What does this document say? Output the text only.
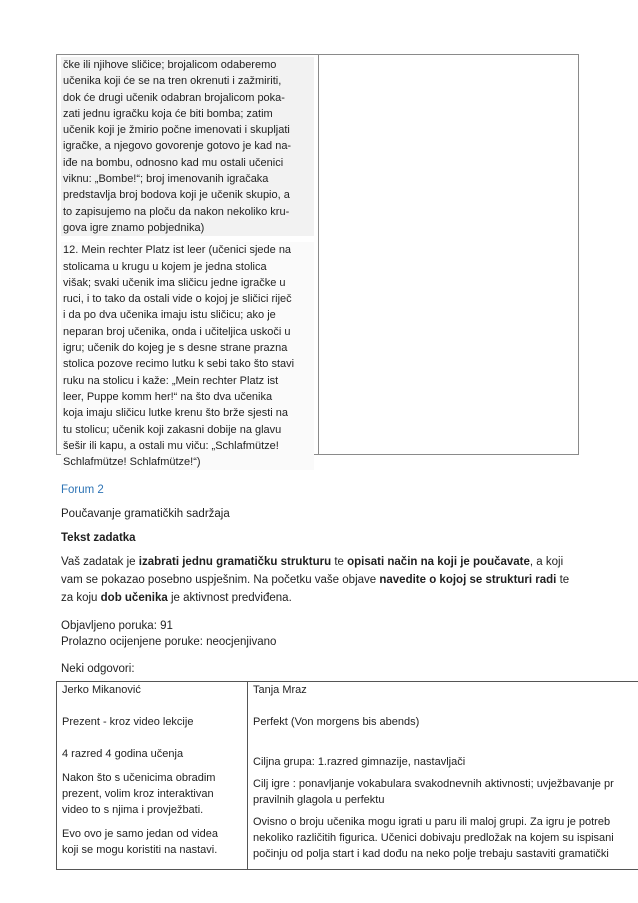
čke ili njihove sličice; brojalicom odaberemo
učenika koji će se na tren okrenuti i zažmiriti,
dok će drugi učenik odabran brojalicom poka-
zati jednu igračku koja će biti bomba; zatim
učenik koji je žmirio počne imenovati i skupljati
igračke, a njegovo govorenje gotovo je kad na-
iđe na bombu, odnosno kad mu ostali učenici
viknu: „Bombe!“; broj imenovanih igračaka
predstavlja broj bodova koji je učenik skupio, a
to zapisujemo na ploču da nakon nekoliko kru-
gova igre znamo pobjednika)
12. Mein rechter Platz ist leer (učenici sjede na
stolicama u krugu u kojem je jedna stolica
višak; svaki učenik ima sličicu jedne igračke u
ruci, i to tako da ostali vide o kojoj je sličici riječ
i da po dva učenika imaju istu sličicu; ako je
neparan broj učenika, onda i učiteljica uskoči u
igru; učenik do kojeg je s desne strane prazna
stolica pozove recimo lutku k sebi tako što stavi
ruku na stolicu i kaže: „Mein rechter Platz ist
leer, Puppe komm her!“ na što dva učenika
koja imaju sličicu lutke krenu što brže sjesti na
tu stolicu; učenik koji zakasni dobije na glavu
šešir ili kapu, a ostali mu viču: „Schlafmütze!
Schlafmütze! Schlafmütze!“)
Forum 2
Poučavanje gramatičkih sadržaja
Tekst zadatka
Vaš zadatak je izabrati jednu gramatičku strukturu te opisati način na koji je poučavate, a koji
vam se pokazao posebno uspješnim. Na početku vaše objave navedite o kojoj se strukturi radi te
za koju dob učenika je aktivnost predviđena.
Objavljeno poruka: 91
Prolazno ocijenjene poruke: neocjenjivano
Neki odgovori:
Jerko Mikanović
Prezent - kroz video lekcije
4 razred 4 godina učenja
Nakon što s učenicima obradim
prezent, volim kroz interaktivan
video to s njima i provježbati.
Evo ovo je samo jedan od videa
koji se mogu koristiti na nastavi.
Tanja Mraz
Perfekt (Von morgens bis abends)
Ciljna grupa: 1.razred gimnazije, nastavljači
Cilj igre : ponavljanje vokabulara svakodnevnih aktivnosti; uvježbavanje pr
pravilnih glagola u perfektu
Ovisno o broju učenika mogu igrati u paru ili maloj grupi. Za igru je potreb
nekoliko različitih figurica. Učenici dobivaju predložak na kojem su ispisani
počinju od polja start i kad dođu na neko polje trebaju sastaviti gramatički
